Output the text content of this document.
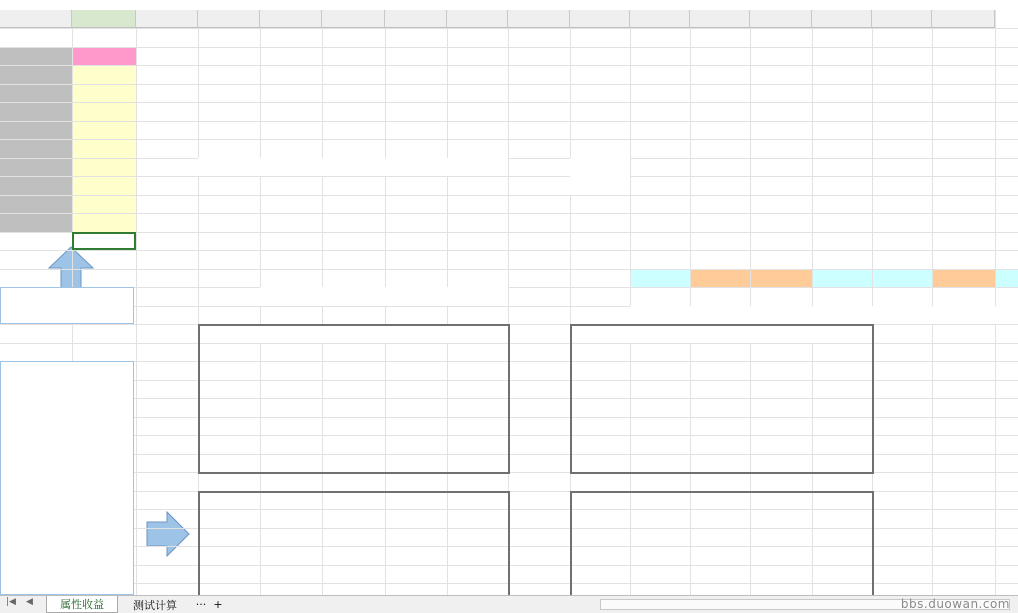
|◀ ◀	属性收益	测试计算	··· +	bbs.duowan.com
